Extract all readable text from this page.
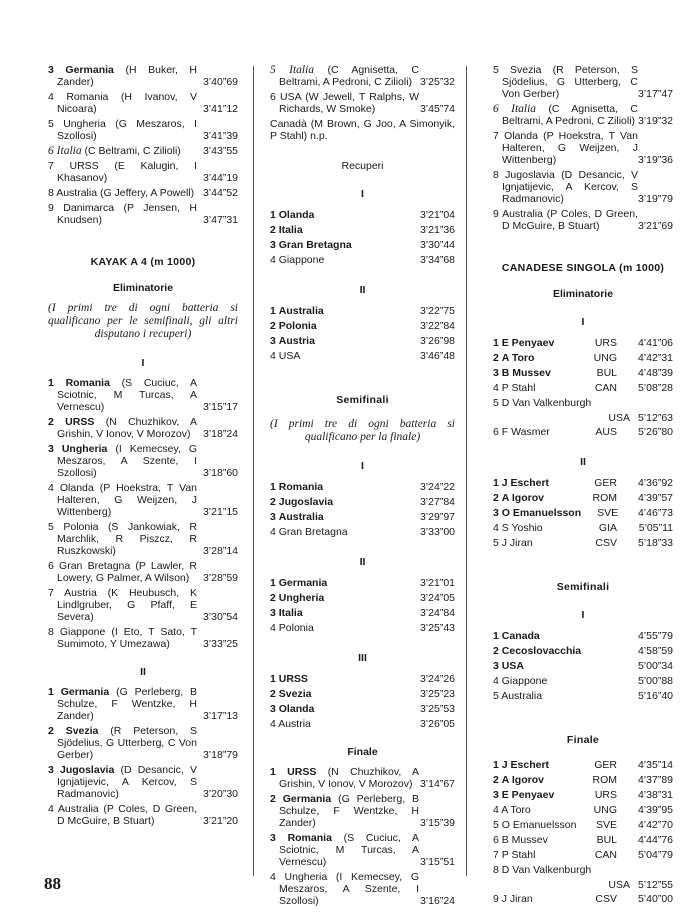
3 Germania (H Buker, H Zander)	3’40”69
4 Romania (H Ivanov, V Nicoara)	3’41”12
5 Ungheria (G Meszaros, I Szollosi)	3’41”39
6 Italia (C Beltrami, C Zilioli)	3’43”55
7 URSS (E Kalugin, I Khasanov)	3’44”19
8 Australia (G Jeffery, A Powell) 3’44”52
9 Danimarca (P Jensen, H Knudsen)	3’47”31
KAYAK A 4 (m 1000)
Eliminatorie
(I primi tre di ogni batteria si qualificano per le semifinali, gli altri disputano i recuperi)
I
1 Romania (S Cuciuc, A Sciotnic, M Turcas, A Vernescu)	3’15”17
2 URSS (N Chuzhikov, A Grishin, V Ionov, V Morozov)	3’18”24
3 Ungheria (I Kemecsey, G Meszaros, A Szente, I Szollosi)	3’18”60
4 Olanda (P Hoekstra, T Van Halteren, G Weijzen, J Wittenberg)	3’21”15
5 Polonia (S Jankowiak, R Marchlik, R Piszcz, R Ruszkowski)	3’28”14
6 Gran Bretagna (P Lawler, R Lowery, G Palmer, A Wilson)	3’28”59
7 Austria (K Heubusch, K Lindlgruber, G Pfaff, E Severa)	3’30”54
8 Giappone (I Eto, T Sato, T Sumimoto, Y Umezawa)	3’33”25
II
1 Germania (G Perleberg, B Schulze, F Wentzke, H Zander)	3’17”13
2 Svezia (R Peterson, S Sjödelius, G Utterberg, C Von Gerber)	3’18”79
3 Jugoslavia (D Desancic, V Ignjatijevic, A Kercov, S Radmanovic)	3’20”30
4 Australia (P Coles, D Green, D McGuire, B Stuart)	3’21”20
5 Italia (C Agnisetta, C Beltrami, A Pedroni, C Zilioli) 3’25”32
6 USA (W Jewell, T Ralphs, W Richards, W Smoke)	3’45”74
Canadà (M Brown, G Joo, A Simonyik, P Stahl) n.p.
Recuperi
I
1 Olanda	3’21”04
2 Italia	3’21”36
3 Gran Bretagna	3’30”44
4 Giappone	3’34”68
II
1 Australia	3’22”75
2 Polonia	3’22”84
3 Austria	3’26”98
4 USA	3’46”48
Semifinali
(I primi tre di ogni batteria si qualificano per la finale)
I
1 Romania	3’24”22
2 Jugoslavia	3’27”84
3 Australia	3’29”97
4 Gran Bretagna	3’33”00
II
1 Germania	3’21”01
2 Ungheria	3’24”05
3 Italia	3’24”84
4 Polonia	3’25”43
III
1 URSS	3’24”26
2 Svezia	3’25”23
3 Olanda	3’25”53
4 Austria	3’26”05
Finale
1 URSS (N Chuzhikov, A Grishin, V Ionov, V Morozov) 3’14”67
2 Germania (G Perleberg, B Schulze, F Wentzke, H Zander)	3’15”39
3 Romania (S Cuciuc, A Sciotnic, M Turcas, A Vernescu)	3’15”51
4 Ungheria (I Kemecsey, G Meszaros, A Szente, I Szollosi)	3’16”24
5 Svezia (R Peterson, S Sjödelius, G Utterberg, C Von Gerber)	3’17”47
6 Italia (C Agnisetta, C Beltrami, A Pedroni, C Zilioli) 3’19”32
7 Olanda (P Hoekstra, T Van Halteren, G Weijzen, J Wittenberg)	3’19”36
8 Jugoslavia (D Desancic, V Ignjatijevic, A Kercov, S Radmanovic)	3’19”79
9 Australia (P Coles, D Green, D McGuire, B Stuart)	3’21”69
CANADESE SINGOLA (m 1000)
Eliminatorie
I
1 E Penyaev	URS	4’41”06
2 A Toro	UNG	4’42”31
3 B Mussev	BUL	4’48”39
4 P Stahl	CAN	5’08”28
5 D Van Valkenburgh
USA 5’12”63
6 F Wasmer	AUS	5’26”80
II
1 J Eschert	GER	4’36”92
2 A Igorov	ROM	4’39”57
3 O Emanuelsson	SVE	4’46”73
4 S Yoshio	GIA	5’05”11
5 J Jiran	CSV	5’18”33
Semifinali
I
1 Canada	4’55”79
2 Cecoslovacchia	4’58”59
3 USA	5’00”34
4 Giappone	5’00”88
5 Australia	5’16”40
Finale
1 J Eschert	GER	4’35”14
2 A Igorov	ROM	4’37”89
3 E Penyaev	URS	4’38”31
4 A Toro	UNG	4’39”95
5 O Emanuelsson	SVE	4’42”70
6 B Mussev	BUL	4’44”76
7 P Stahl	CAN	5’04”79
8 D Van Valkenburgh
USA 5’12”55
9 J Jiran	CSV	5’40”00
88
